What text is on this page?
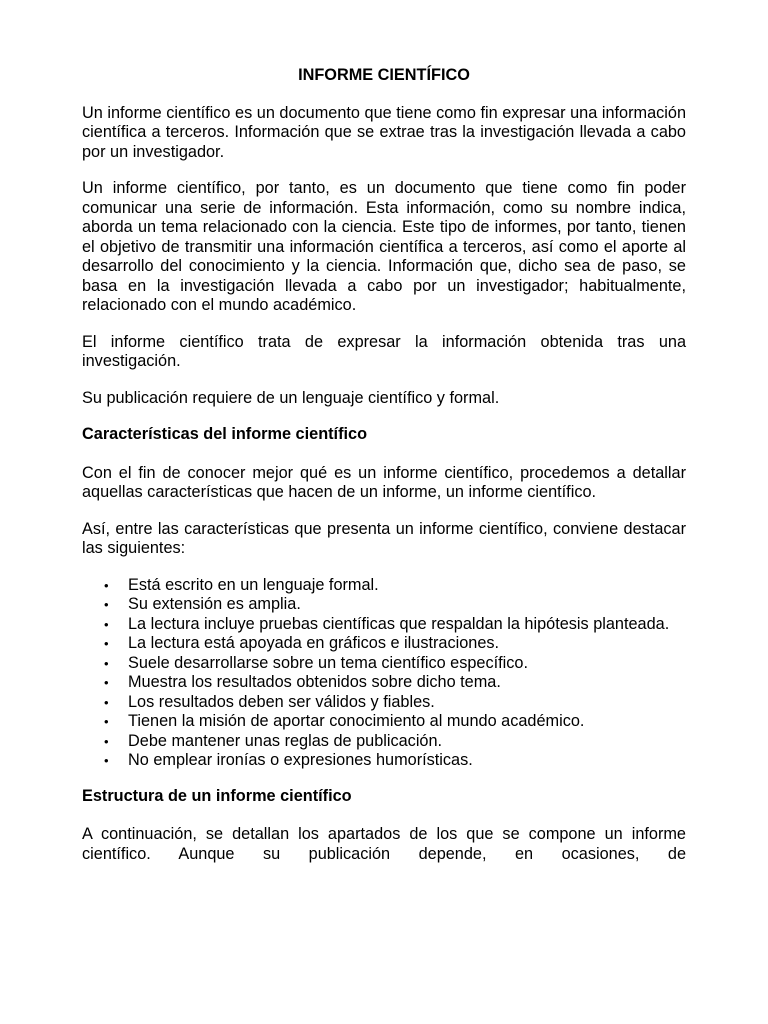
INFORME CIENTÍFICO

Un informe científico es un documento que tiene como fin expresar una información científica a terceros. Información que se extrae tras la investigación llevada a cabo por un investigador.

Un informe científico, por tanto, es un documento que tiene como fin poder comunicar una serie de información. Esta información, como su nombre indica, aborda un tema relacionado con la ciencia. Este tipo de informes, por tanto, tienen el objetivo de transmitir una información científica a terceros, así como el aporte al desarrollo del conocimiento y la ciencia. Información que, dicho sea de paso, se basa en la investigación llevada a cabo por un investigador; habitualmente, relacionado con el mundo académico.

El informe científico trata de expresar la información obtenida tras una investigación.

Su publicación requiere de un lenguaje científico y formal.

Características del informe científico

Con el fin de conocer mejor qué es un informe científico, procedemos a detallar aquellas características que hacen de un informe, un informe científico.

Así, entre las características que presenta un informe científico, conviene destacar las siguientes:

• Está escrito en un lenguaje formal.
• Su extensión es amplia.
• La lectura incluye pruebas científicas que respaldan la hipótesis planteada.
• La lectura está apoyada en gráficos e ilustraciones.
• Suele desarrollarse sobre un tema científico específico.
• Muestra los resultados obtenidos sobre dicho tema.
• Los resultados deben ser válidos y fiables.
• Tienen la misión de aportar conocimiento al mundo académico.
• Debe mantener unas reglas de publicación.
• No emplear ironías o expresiones humorísticas.
Estructura de un informe científico

A continuación, se detallan los apartados de los que se compone un informe científico. Aunque su publicación depende, en ocasiones, de
